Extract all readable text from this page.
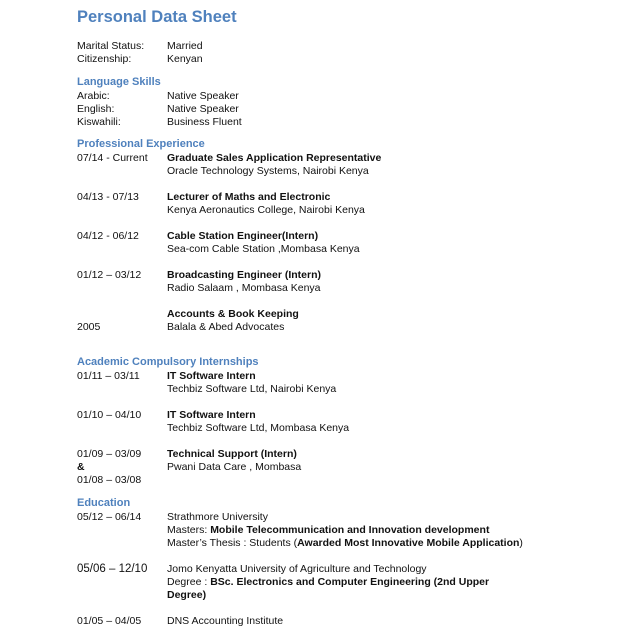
Personal Data Sheet
Marital Status: Married
Citizenship:	Kenyan
Language Skills
Arabic:	Native Speaker
English:	Native Speaker
Kiswahili:	Business Fluent
Professional Experience
07/14 - Current Graduate Sales Application Representative
Oracle Technology Systems, Nairobi Kenya
04/13 - 07/13	Lecturer of Maths and Electronic
Kenya Aeronautics College, Nairobi Kenya
04/12 - 06/12	Cable Station Engineer(Intern)
Sea-com Cable Station ,Mombasa Kenya
01/12 – 03/12 Broadcasting Engineer (Intern)
Radio Salaam , Mombasa Kenya
Accounts & Book Keeping
2005	Balala & Abed Advocates
Academic Compulsory Internships
01/11 – 03/11	IT Software Intern
Techbiz Software Ltd, Nairobi Kenya
01/10 – 04/10 IT Software Intern
Techbiz Software Ltd, Mombasa Kenya
01/09 – 03/09
&
01/08 – 03/08
Technical Support (Intern)
Pwani Data Care , Mombasa
Education
05/12 – 06/14 Strathmore University
Masters: Mobile Telecommunication and Innovation development
Master’s Thesis : Students (Awarded Most Innovative Mobile Application)
05/06 – 12/10 Jomo Kenyatta University of Agriculture and Technology
Degree : BSc. Electronics and Computer Engineering (2nd Upper
Degree)
01/05 – 04/05 DNS Accounting Institute
